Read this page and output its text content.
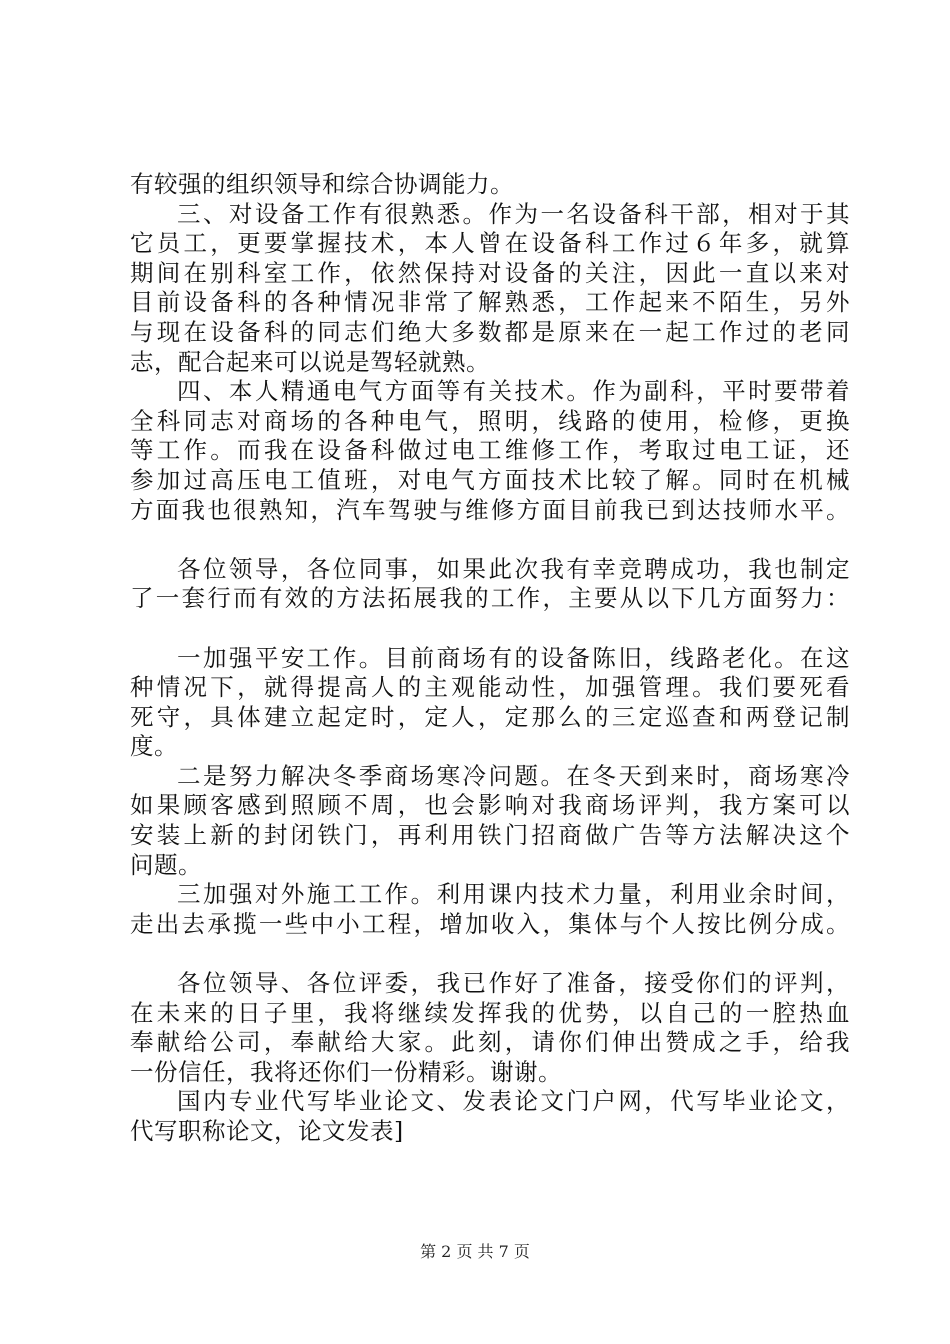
有较强的组织领导和综合协调能力。
三、对设备工作有很熟悉。作为一名设备科干部，相对于其
它员工，更要掌握技术，本人曾在设备科工作过６年多，就算
期间在别科室工作，依然保持对设备的关注，因此一直以来对
目前设备科的各种情况非常了解熟悉，工作起来不陌生，另外
与现在设备科的同志们绝大多数都是原来在一起工作过的老同
志，配合起来可以说是驾轻就熟。
四、本人精通电气方面等有关技术。作为副科，平时要带着
全科同志对商场的各种电气，照明，线路的使用，检修，更换
等工作。而我在设备科做过电工维修工作，考取过电工证，还
参加过高压电工值班，对电气方面技术比较了解。同时在机械
方面我也很熟知，汽车驾驶与维修方面目前我已到达技师水平。
各位领导，各位同事，如果此次我有幸竞聘成功，我也制定
了一套行而有效的方法拓展我的工作，主要从以下几方面努力：
一加强平安工作。目前商场有的设备陈旧，线路老化。在这
种情况下，就得提高人的主观能动性，加强管理。我们要死看
死守，具体建立起定时，定人，定那么的三定巡查和两登记制
度。
二是努力解决冬季商场寒冷问题。在冬天到来时，商场寒冷
如果顾客感到照顾不周，也会影响对我商场评判，我方案可以
安装上新的封闭铁门，再利用铁门招商做广告等方法解决这个
问题。
三加强对外施工工作。利用课内技术力量，利用业余时间，
走出去承揽一些中小工程，增加收入，集体与个人按比例分成。
各位领导、各位评委，我已作好了准备，接受你们的评判，
在未来的日子里，我将继续发挥我的优势，以自己的一腔热血
奉献给公司，奉献给大家。此刻，请你们伸出赞成之手，给我
一份信任，我将还你们一份精彩。谢谢。
国内专业代写毕业论文、发表论文门户网，代写毕业论文，
代写职称论文，论文发表]
第 2 页 共 7 页
